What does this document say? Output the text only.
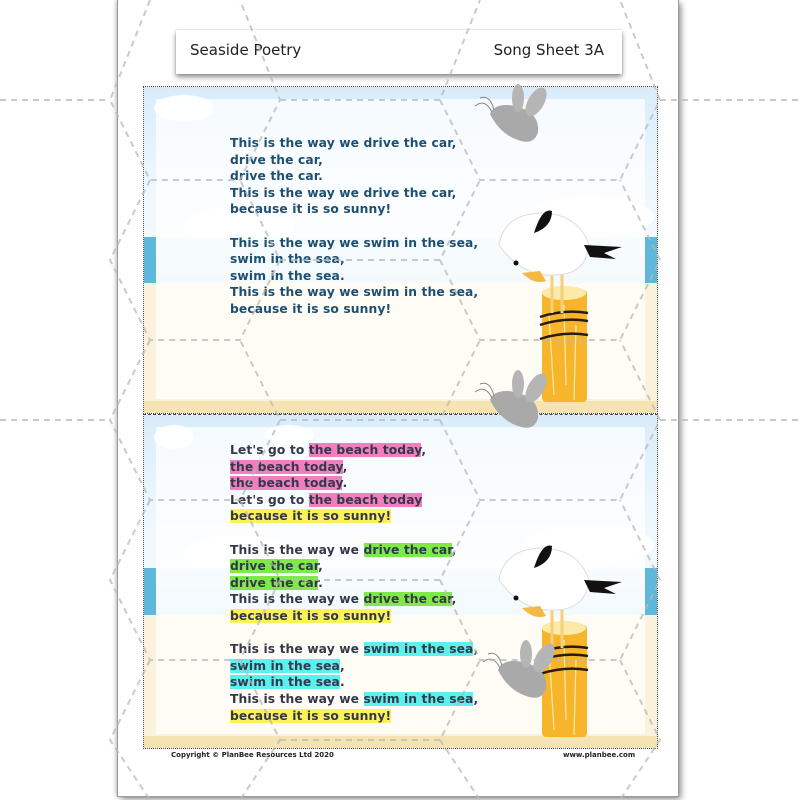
Seaside Poetry	Song Sheet 3A
This is the way we drive the car,
drive the car,
drive the car.
This is the way we drive the car,
because it is so sunny!
This is the way we swim in the sea,
swim in the sea,
swim in the sea.
This is the way we swim in the sea,
because it is so sunny!
Let's go to the beach today,
the beach today,
the beach today.
Let's go to the beach today
because it is so sunny!
This is the way we drive the car,
drive the car,
drive the car.
This is the way we drive the car,
because it is so sunny!
This is the way we swim in the sea,
swim in the sea,
swim in the sea.
This is the way we swim in the sea,
because it is so sunny!
Copyright © PlanBee Resources Ltd 2020	www.planbee.com
